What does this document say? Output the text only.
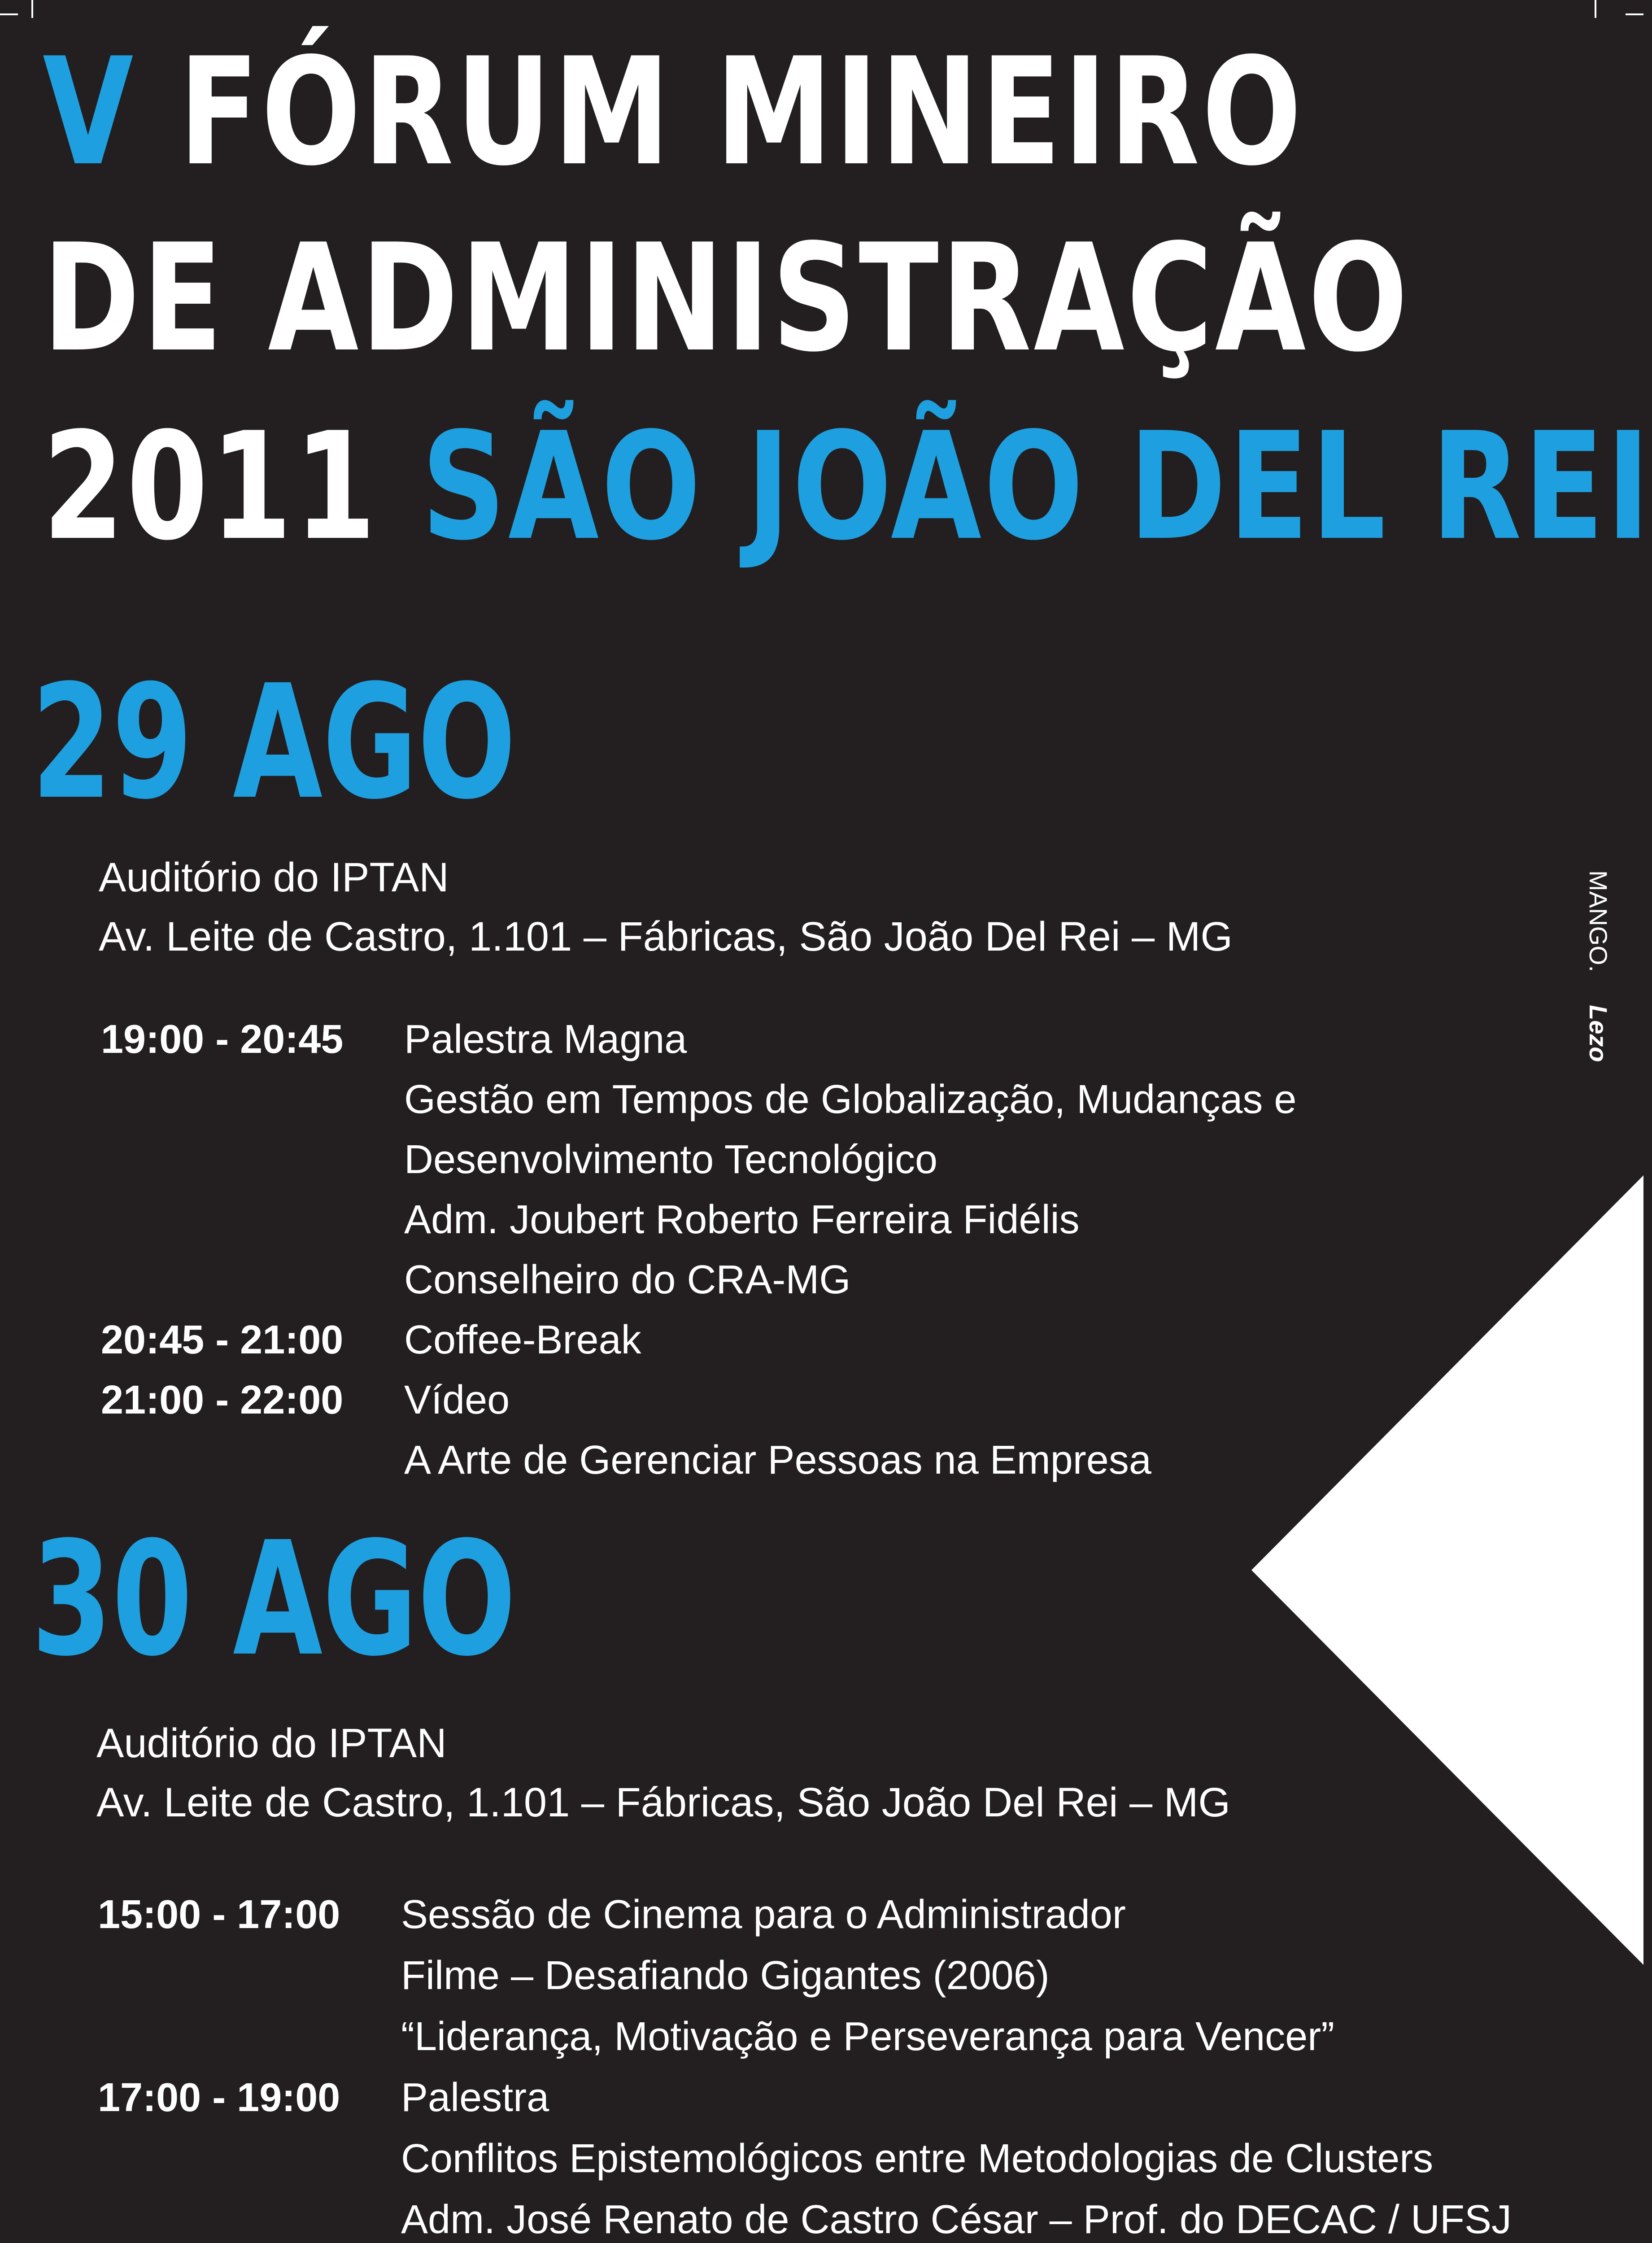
V FÓRUM MINEIRO
DE ADMINISTRAÇÃO
2011 SÃO JOÃO DEL REI
MANGO.
Lezo
29 AGO
Auditório do IPTAN
Av. Leite de Castro, 1.101 – Fábricas, São João Del Rei – MG
19:00 - 20:45	Palestra Magna
Gestão em Tempos de Globalização, Mudanças e
Desenvolvimento Tecnológico
Adm. Joubert Roberto Ferreira Fidélis
Conselheiro do CRA-MG
20:45 - 21:00	Coffee-Break
21:00 - 22:00	Vídeo
A Arte de Gerenciar Pessoas na Empresa
30 AGO
Auditório do IPTAN
Av. Leite de Castro, 1.101 – Fábricas, São João Del Rei – MG
15:00 - 17:00	Sessão de Cinema para o Administrador
Filme – Desafiando Gigantes (2006)
“Liderança, Motivação e Perseverança para Vencer”
17:00 - 19:00	Palestra
Conflitos Epistemológicos entre Metodologias de Clusters
Adm. José Renato de Castro César – Prof. do DECAC / UFSJ
